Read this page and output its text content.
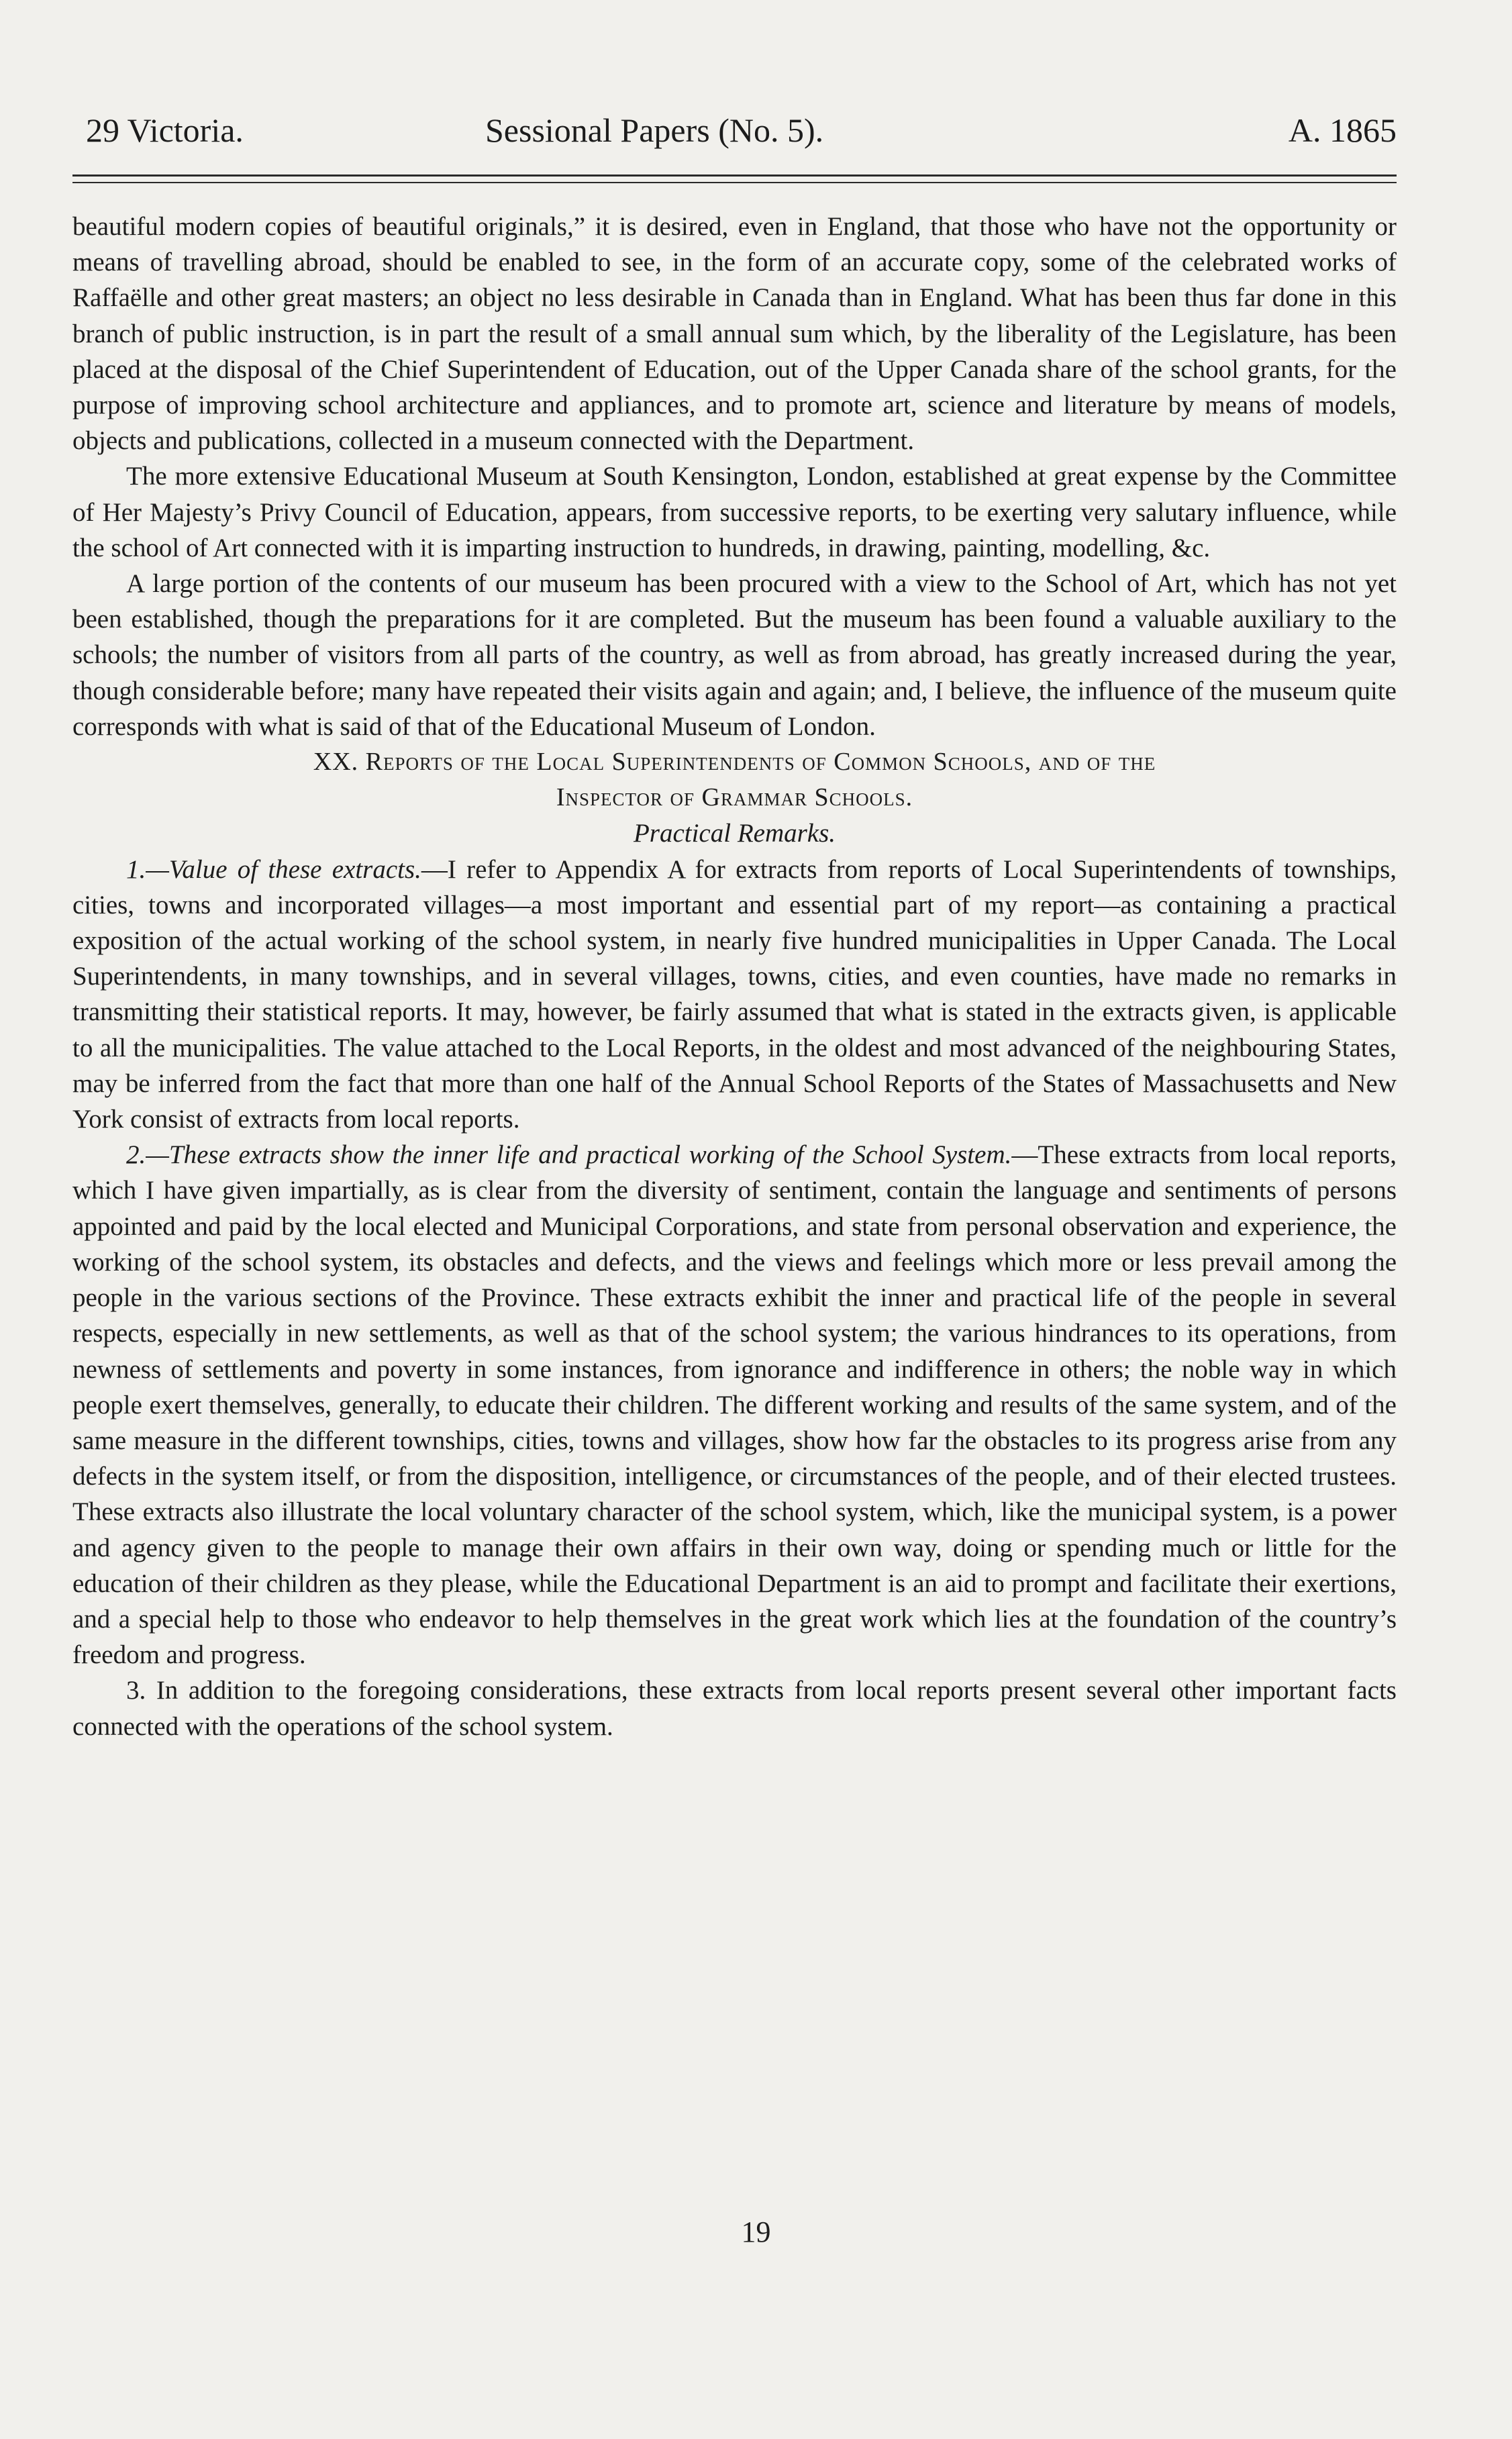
29 Victoria.	Sessional Papers (No. 5).	A. 1865

beautiful modern copies of beautiful originals,” it is desired, even in England, that those who have not the opportunity or means of travelling abroad, should be enabled to see, in the form of an accurate copy, some of the celebrated works of Raffaëlle and other great masters; an object no less desirable in Canada than in England. What has been thus far done in this branch of public instruction, is in part the result of a small annual sum which, by the liberality of the Legislature, has been placed at the disposal of the Chief Superintendent of Education, out of the Upper Canada share of the school grants, for the purpose of improving school architecture and appliances, and to promote art, science and literature by means of models, objects and publications, collected in a museum connected with the Department.

The more extensive Educational Museum at South Kensington, London, established at great expense by the Committee of Her Majesty’s Privy Council of Education, appears, from successive reports, to be exerting very salutary influence, while the school of Art connected with it is imparting instruction to hundreds, in drawing, painting, modelling, &c.

A large portion of the contents of our museum has been procured with a view to the School of Art, which has not yet been established, though the preparations for it are completed. But the museum has been found a valuable auxiliary to the schools; the number of visitors from all parts of the country, as well as from abroad, has greatly increased during the year, though considerable before; many have repeated their visits again and again; and, I believe, the influence of the museum quite corresponds with what is said of that of the Educational Museum of London.

XX. Reports of the Local Superintendents of Common Schools, and of the
Inspector of Grammar Schools.
Practical Remarks.

1.—Value of these extracts.—I refer to Appendix A for extracts from reports of Local Superintendents of townships, cities, towns and incorporated villages—a most important and essential part of my report—as containing a practical exposition of the actual working of the school system, in nearly five hundred municipalities in Upper Canada. The Local Superintendents, in many townships, and in several villages, towns, cities, and even counties, have made no remarks in transmitting their statistical reports. It may, however, be fairly assumed that what is stated in the extracts given, is applicable to all the municipalities. The value attached to the Local Reports, in the oldest and most advanced of the neighbouring States, may be inferred from the fact that more than one half of the Annual School Reports of the States of Massachusetts and New York consist of extracts from local reports.

2.—These extracts show the inner life and practical working of the School System.—These extracts from local reports, which I have given impartially, as is clear from the diversity of sentiment, contain the language and sentiments of persons appointed and paid by the local elected and Municipal Corporations, and state from personal observation and experience, the working of the school system, its obstacles and defects, and the views and feelings which more or less prevail among the people in the various sections of the Province. These extracts exhibit the inner and practical life of the people in several respects, especially in new settlements, as well as that of the school system; the various hindrances to its operations, from newness of settlements and poverty in some instances, from ignorance and indifference in others; the noble way in which people exert themselves, generally, to educate their children. The different working and results of the same system, and of the same measure in the different townships, cities, towns and villages, show how far the obstacles to its progress arise from any defects in the system itself, or from the disposition, intelligence, or circumstances of the people, and of their elected trustees. These extracts also illustrate the local voluntary character of the school system, which, like the municipal system, is a power and agency given to the people to manage their own affairs in their own way, doing or spending much or little for the education of their children as they please, while the Educational Department is an aid to prompt and facilitate their exertions, and a special help to those who endeavor to help themselves in the great work which lies at the foundation of the country’s freedom and progress.

3. In addition to the foregoing considerations, these extracts from local reports present several other important facts connected with the operations of the school system.

19
